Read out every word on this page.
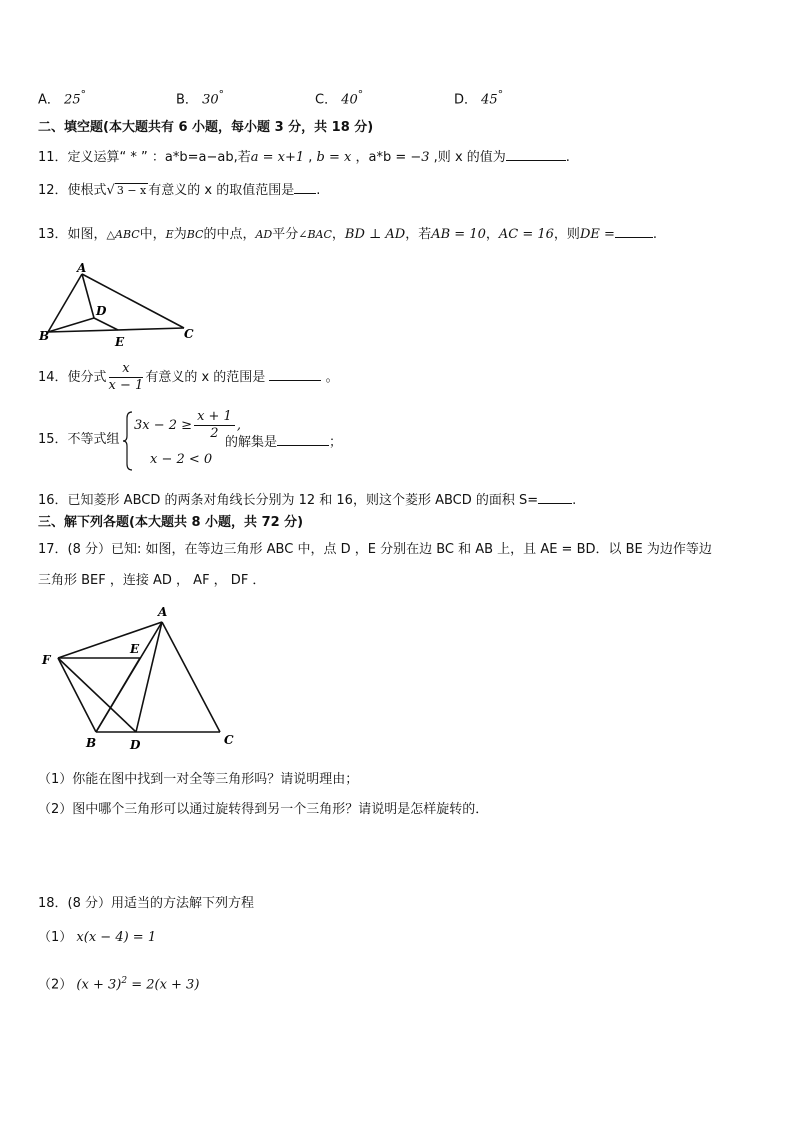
A． 25°	B． 30°	C． 40°	D． 45°
二、填空题(本大题共有 6 小题，每小题 3 分，共 18 分)
11．定义运算“ * ” ：a*b=a−ab,若a = x+1 , b = x ，a*b = −3 ,则 x 的值为	.
12．使根式√ 3 − x 有意义的 x 的取值范围是 .
13．如图，△ABC中，E为BC的中点，AD平分∠BAC，BD ⊥ AD，若AB = 10，AC = 16，则DE =	.
A
D
B	E
C
14．使分式 $\frac{x}{x - 1}$ 有意义的 x 的范围是	。
15．不等式组
$3x - 2 \ge \frac{x + 1}{2}$ ,
x − 2 < 0
的解集是	；
16．已知菱形 ABCD 的两条对角线长分别为 12 和 16，则这个菱形 ABCD 的面积 S=	.
三、解下列各题(本大题共 8 小题，共 72 分)
17．(8 分）已知: 如图，在等边三角形 ABC 中，点 D ，E 分别在边 BC 和 AB 上，且 AE = BD．以 BE 为边作等边
三角形 BEF ，连接 AD ， AF ， DF ．
A
E
F
B	D	C
（1）你能在图中找到一对全等三角形吗？请说明理由；
（2）图中哪个三角形可以通过旋转得到另一个三角形？请说明是怎样旋转的．
18．(8 分）用适当的方法解下列方程
（1） x(x − 4) = 1
（2） $(x + 3)^2 = 2(x + 3)$
